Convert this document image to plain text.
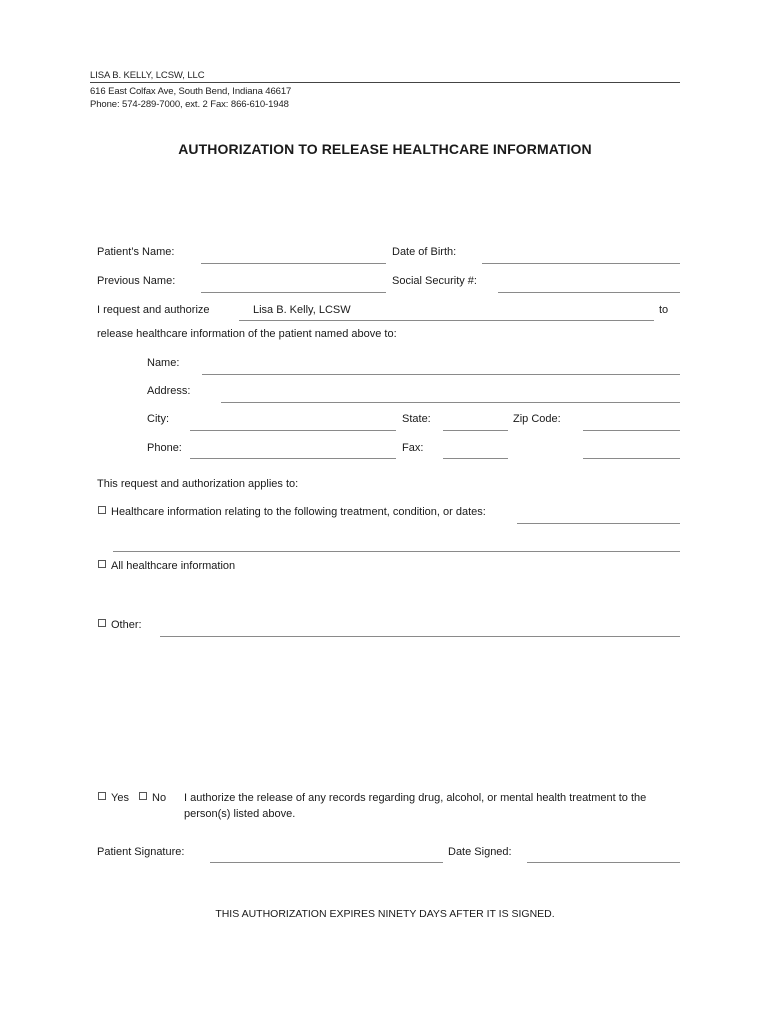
LISA B. KELLY, LCSW, LLC
616 East Colfax Ave, South Bend, Indiana 46617
Phone: 574-289-7000, ext. 2 Fax: 866-610-1948
AUTHORIZATION TO RELEASE HEALTHCARE INFORMATION
Patient’s Name:	Date of Birth:
Previous Name:	Social Security #:
I request and authorize	Lisa B. Kelly, LCSW	to
release healthcare information of the patient named above to:
Name:
Address:
City:	State:	Zip Code:
Phone:	Fax:
This request and authorization applies to:
Healthcare information relating to the following treatment, condition, or dates:
All healthcare information
Other:
Yes	No I authorize the release of any records regarding drug, alcohol, or mental health treatment to the
person(s) listed above.
Patient Signature:	Date Signed:
THIS AUTHORIZATION EXPIRES NINETY DAYS AFTER IT IS SIGNED.
